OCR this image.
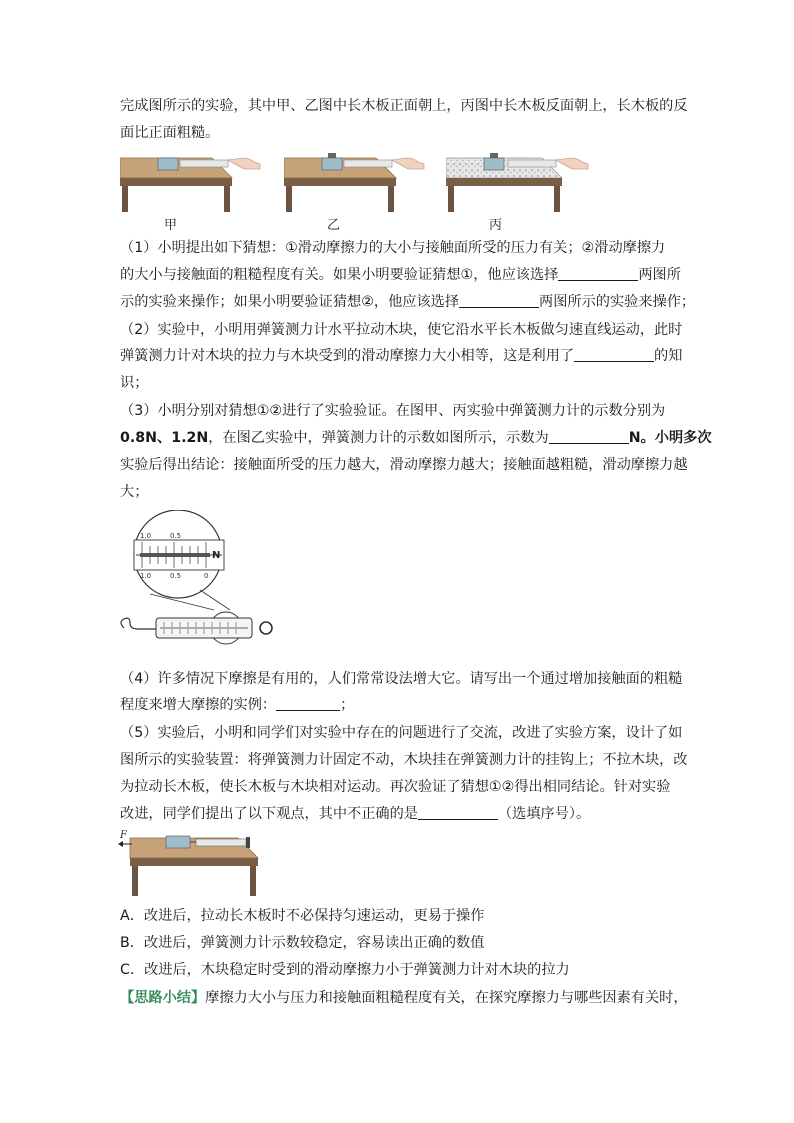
完成图所示的实验，其中甲、乙图中长木板正面朝上，丙图中长木板反面朝上，长木板的反
面比正面粗糙。
甲	乙	丙
（1）小明提出如下猜想：①滑动摩擦力的大小与接触面所受的压力有关；②滑动摩擦力
的大小与接触面的粗糙程度有关。如果小明要验证猜想①，他应该选择	两图所
示的实验来操作；如果小明要验证猜想②，他应该选择	两图所示的实验来操作；
（2）实验中，小明用弹簧测力计水平拉动木块，使它沿水平长木板做匀速直线运动，此时
弹簧测力计对木块的拉力与木块受到的滑动摩擦力大小相等，这是利用了	的知
识；
（3）小明分别对猜想①②进行了实验验证。在图甲、丙实验中弹簧测力计的示数分别为
0.8N、1.2N，在图乙实验中，弹簧测力计的示数如图所示，示数为	N。小明多次
实验后得出结论：接触面所受的压力越大，滑动摩擦力越大；接触面越粗糙，滑动摩擦力越
大；
1.0	0.5
1.0	0.5	0
N
（4）许多情况下摩擦是有用的，人们常常设法增大它。请写出一个通过增加接触面的粗糙
程度来增大摩擦的实例：	；
（5）实验后，小明和同学们对实验中存在的问题进行了交流，改进了实验方案，设计了如
图所示的实验装置：将弹簧测力计固定不动，木块挂在弹簧测力计的挂钩上；不拉木块，改
为拉动长木板，使长木板与木块相对运动。再次验证了猜想①②得出相同结论。针对实验
改进，同学们提出了以下观点，其中不正确的是	（选填序号）。
F
A．改进后，拉动长木板时不必保持匀速运动，更易于操作
B．改进后，弹簧测力计示数较稳定，容易读出正确的数值
C．改进后，木块稳定时受到的滑动摩擦力小于弹簧测力计对木块的拉力
【思路小结】摩擦力大小与压力和接触面粗糙程度有关，在探究摩擦力与哪些因素有关时，
